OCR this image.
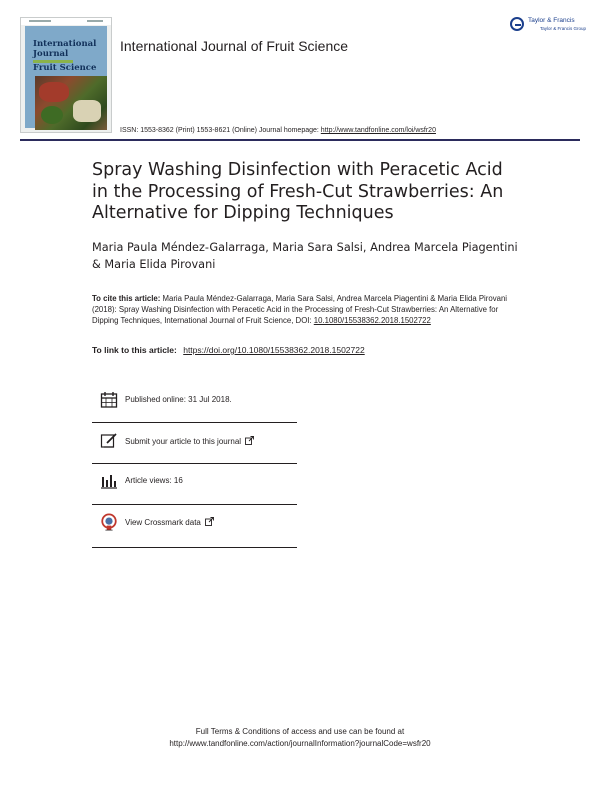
International
Journal
Fruit Science
International Journal of Fruit Science
ISSN: 1553-8362 (Print) 1553-8621 (Online) Journal homepage: http://www.tandfonline.com/loi/wsfr20
Taylor & Francis
Taylor & Francis Group
Spray Washing Disinfection with Peracetic Acid in the Processing of Fresh-Cut Strawberries: An Alternative for Dipping Techniques
Maria Paula Méndez-Galarraga, Maria Sara Salsi, Andrea Marcela Piagentini
& Maria Elida Pirovani
To cite this article: Maria Paula Méndez-Galarraga, Maria Sara Salsi, Andrea Marcela Piagentini & Maria Elida Pirovani (2018): Spray Washing Disinfection with Peracetic Acid in the Processing of Fresh-Cut Strawberries: An Alternative for Dipping Techniques, International Journal of Fruit Science, DOI: 10.1080/15538362.2018.1502722
To link to this article: https://doi.org/10.1080/15538362.2018.1502722
Published online: 31 Jul 2018.
Submit your article to this journal
Article views: 16
View Crossmark data
Full Terms & Conditions of access and use can be found at
http://www.tandfonline.com/action/journalInformation?journalCode=wsfr20
